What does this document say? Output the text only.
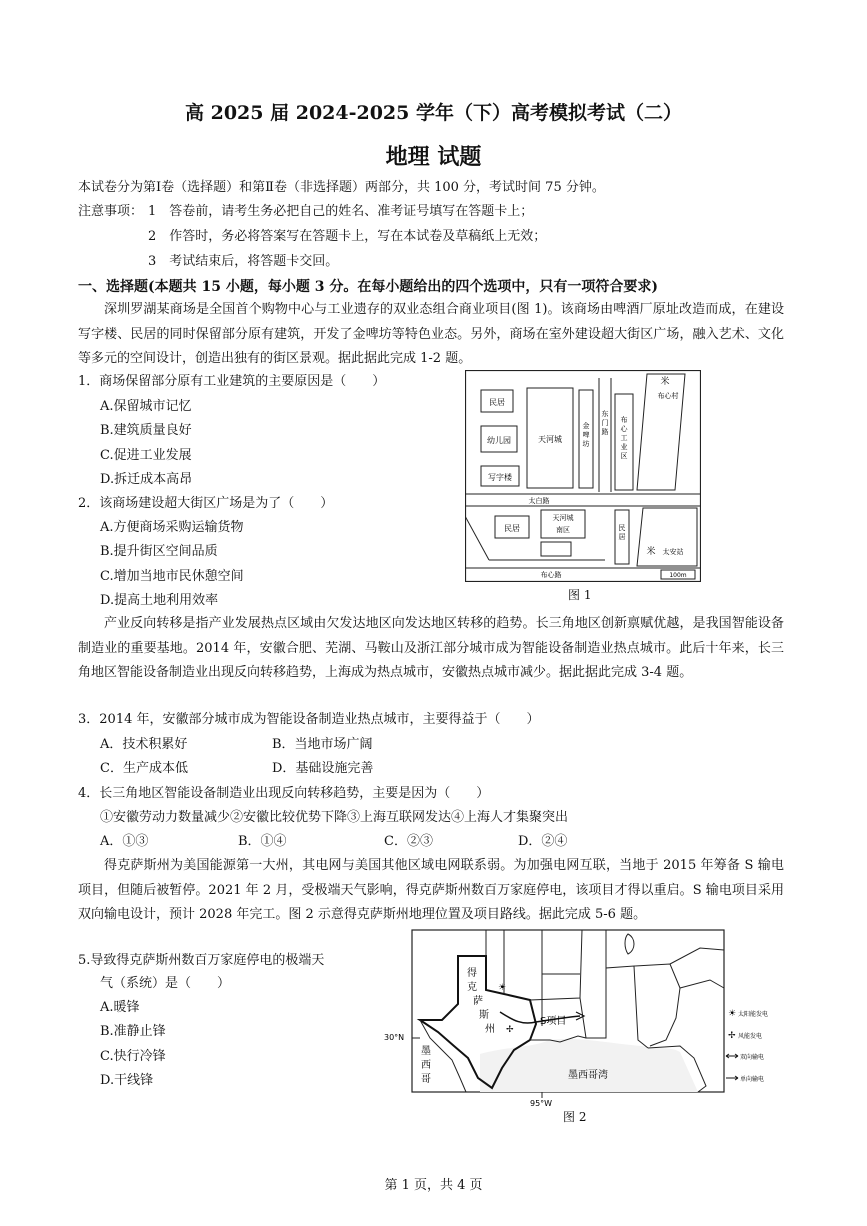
高 2025 届 2024-2025 学年（下）高考模拟考试（二）
地理 试题
本试卷分为第Ⅰ卷（选择题）和第Ⅱ卷（非选择题）两部分，共 100 分，考试时间 75 分钟。
注意事项： 1　答卷前，请考生务必把自己的姓名、准考证号填写在答题卡上；
2　作答时，务必将答案写在答题卡上，写在本试卷及草稿纸上无效；
3　考试结束后，将答题卡交回。
一、选择题(本题共 15 小题，每小题 3 分。在每小题给出的四个选项中，只有一项符合要求)
深圳罗湖某商场是全国首个购物中心与工业遗存的双业态组合商业项目(图 1)。该商场由啤酒厂原址改造而成，在建设写字楼、民居的同时保留部分原有建筑，开发了金啤坊等特色业态。另外，商场在室外建设超大街区广场，融入艺术、文化等多元的空间设计，创造出独有的街区景观。据此据此完成 1-2 题。
1．商场保留部分原有工业建筑的主要原因是（　　）
A.保留城市记忆
B.建筑质量良好
C.促进工业发展
D.拆迁成本高昂
2．该商场建设超大街区广场是为了（　　）
A.方便商场采购运输货物
B.提升街区空间品质
C.增加当地市民休憩空间
D.提高土地利用效率
民居
幼儿园
写字楼
天河城
金啤坊
东门路
布心工业区
米
布心村
太白路
民居
天河城南区	民居
米 太安站
布心路	100m
图 1
产业反向转移是指产业发展热点区域由欠发达地区向发达地区转移的趋势。长三角地区创新禀赋优越，是我国智能设备制造业的重要基地。2014 年，安徽合肥、芜湖、马鞍山及浙江部分城市成为智能设备制造业热点城市。此后十年来，长三角地区智能设备制造业出现反向转移趋势，上海成为热点城市，安徽热点城市减少。据此据此完成 3-4 题。
3．2014 年，安徽部分城市成为智能设备制造业热点城市，主要得益于（　　）
A．技术积累好	B．当地市场广阔
C．生产成本低	D．基础设施完善
4．长三角地区智能设备制造业出现反向转移趋势，主要是因为（　　）
①安徽劳动力数量减少②安徽比较优势下降③上海互联网发达④上海人才集聚突出
A．①③	B．①④	C．②③	D．②④
得克萨斯州为美国能源第一大州，其电网与美国其他区域电网联系弱。为加强电网互联，当地于 2015 年筹备 S 输电项目，但随后被暂停。2021 年 2 月，受极端天气影响，得克萨斯州数百万家庭停电，该项目才得以重启。S 输电项目采用双向输电设计，预计 2028 年完工。图 2 示意得克萨斯州地理位置及项目路线。据此完成 5-6 题。
5.导致得克萨斯州数百万家庭停电的极端天
气（系统）是（　　）
A.暖锋
B.准静止锋
C.快行冷锋
D.干线锋
☀
✢
得克萨斯州
S项目
墨西哥	墨西哥湾
30°N
95°W
☀ 太阳能发电
✢ 风能发电
双向输电
单向输电
图 2
第 1 页，共 4 页
